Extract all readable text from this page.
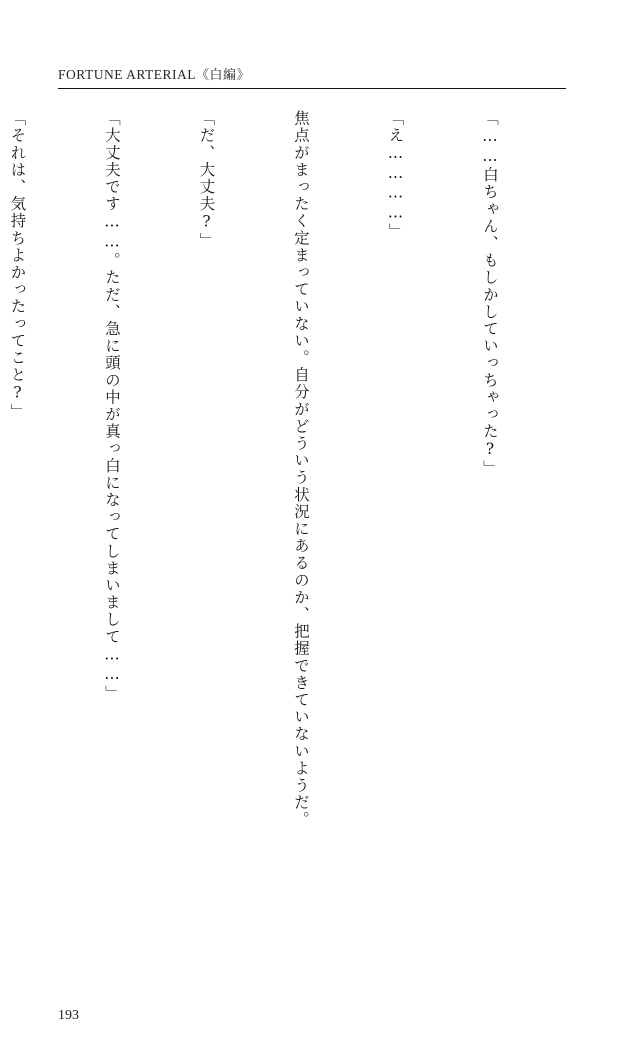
FORTUNE ARTERIAL《白編》

「……白ちゃん、もしかしていっちゃった?」

「え…………」

焦点がまったく定まっていない。自分がどういう状況にあるのか、把握できていないようだ。

「だ、大丈夫?」

「大丈夫です……。ただ、急に頭の中が真っ白になってしまいまして……」

「それは、気持ちよかったってこと?」

193
